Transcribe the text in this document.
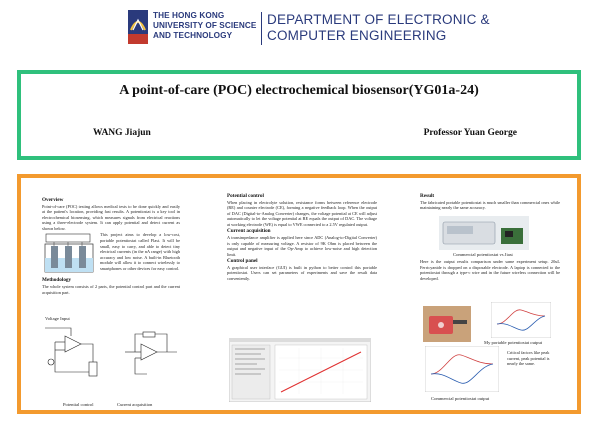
THE HONG KONG
UNIVERSITY OF SCIENCE
AND TECHNOLOGY
DEPARTMENT OF ELECTRONIC &
COMPUTER ENGINEERING
A point-of-care (POC) electrochemical biosensor(YG01a-24)
WANG Jiajun	Professor Yuan George
Overview
Point-of-care (POC) testing allows medical tests to be done quickly and easily at the patient's location, providing fast results. A potentiostat is a key tool in electrochemical biosensing, which measures signals from electrical reactions using a three-electrode system. It can apply potential and detect current as shown below.
This project aims to develop a low-cost, portable potentiostat called Flast. It will be small, easy to carry, and able to detect tiny electrical currents (in the nA range) with high accuracy and low noise. A built-in Bluetooth module will allow it to connect wirelessly to smartphones or other devices for easy control.
Methodology
The whole system consists of 2 parts, the potential control part and the current acquisition part.
Voltage Input

Potential control	Current acquisition
Potential control
When placing in electrolyte solution, resistance forms between reference electrode (RE) and counter electrode (CE), forming a negative feedback loop. When the output of DAC (Digital-to-Analog Converter) changes, the voltage potential at CE will adjust automatically to let the voltage potential at RE equals the output of DAC. The voltage at working electrode (WE) is equal to VWE connected to a 2.5V regulated output.
Current acquisition
A transimpedance amplifier is applied here since ADC (Analog-to-Digital Converter) is only capable of measuring voltage. A resistor of 9K Ohm is placed between the output and negative input of the Op-Amp to achieve low-noise and high detection limit.
Control panel
A graphical user interface (GUI) is built in python to better control this portable potentiostat. Users can set parameters of experiments and save the result data conveniently.
Result
The fabricated portable potentiostat is much smaller than commercial ones while maintaining nearly the same accuracy.
Commercial potentiostat vs Jiast
Here is the output results comparison under same experiment setup. 20uL Ferricyanide is dropped on a disposable electrode. A laptop is connected to the potentiostat through a type-c wire and in the future wireless connection will be developed.
My portable potentiostat output
Critical factors like peak current, peak potential is nearly the same.
Commercial potentiostat output
